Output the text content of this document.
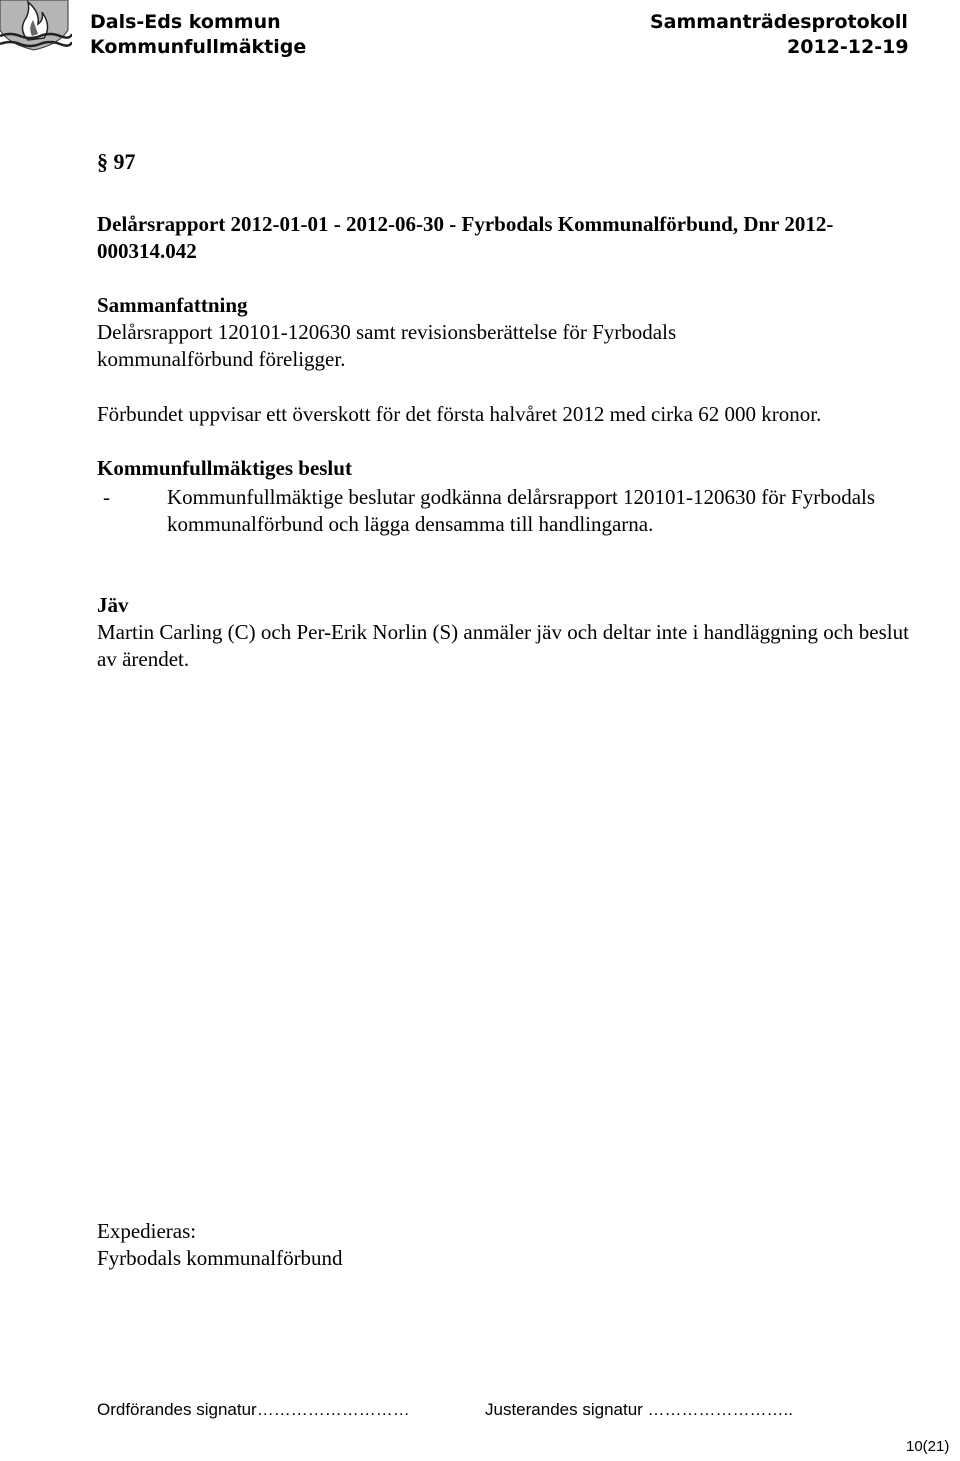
Dals-Eds kommun
Kommunfullmäktige
Sammanträdesprotokoll
2012-12-19
§ 97

Delårsrapport 2012-01-01 - 2012-06-30 - Fyrbodals Kommunalförbund, Dnr 2012-000314.042

Sammanfattning

Delårsrapport 120101-120630 samt revisionsberättelse för Fyrbodals kommunalförbund föreligger.

Förbundet uppvisar ett överskott för det första halvåret 2012 med cirka 62 000 kronor.

Kommunfullmäktiges beslut

-	Kommunfullmäktige beslutar godkänna delårsrapport 120101-120630 för Fyrbodals kommunalförbund och lägga densamma till handlingarna.

Jäv

Martin Carling (C) och Per-Erik Norlin (S) anmäler jäv och deltar inte i handläggning och beslut av ärendet.

Expedieras:

Fyrbodals kommunalförbund

Ordförandes signatur………………………	Justerandes signatur ……………………..
10(21)
